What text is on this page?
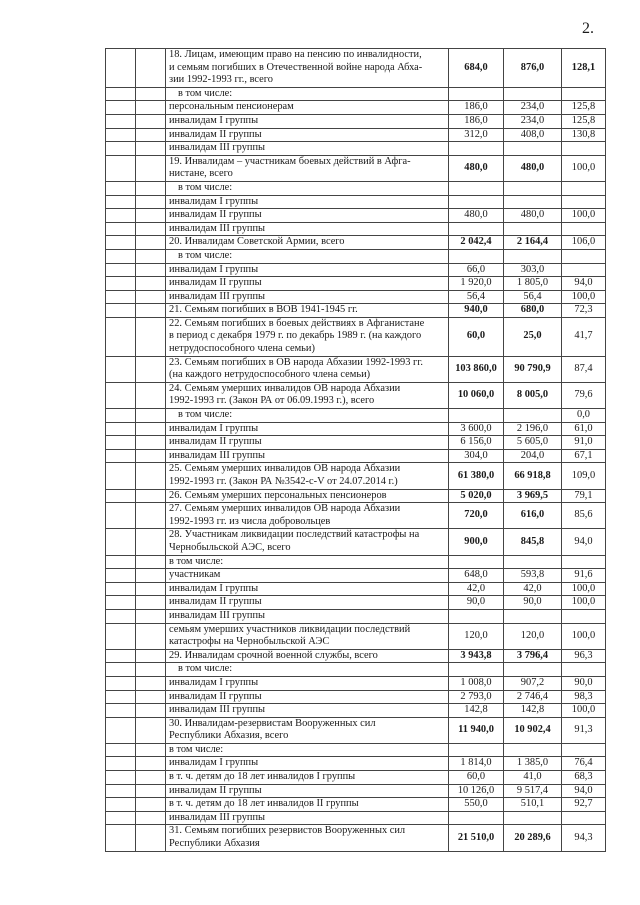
2.
		18. Лицам, имеющим право на пенсию по инвалидности,
и семьям погибших в Отечественной войне народа Абха-
зии 1992-1993 гг., всего	684,0	876,0	128,1
		в том числе:			
		персональным пенсионерам	186,0	234,0	125,8
		инвалидам I группы	186,0	234,0	125,8
		инвалидам II группы	312,0	408,0	130,8
		инвалидам III группы			
		19. Инвалидам – участникам боевых действий в Афга-
нистане, всего	480,0	480,0	100,0
		в том числе:			
		инвалидам I группы			
		инвалидам II группы	480,0	480,0	100,0
		инвалидам III группы			
		20. Инвалидам Советской Армии, всего	2 042,4	2 164,4	106,0
		в том числе:			
		инвалидам I группы	66,0	303,0	
		инвалидам II группы	1 920,0	1 805,0	94,0
		инвалидам III группы	56,4	56,4	100,0
		21. Семьям погибших в ВОВ 1941-1945 гг.	940,0	680,0	72,3
		22. Семьям погибших в боевых действиях в Афганистане
в период с декабря 1979 г. по декабрь 1989 г. (на каждого
нетрудоспособного члена семьи)	60,0	25,0	41,7
		23. Семьям погибших в ОВ народа Абхазии 1992-1993 гг.
(на каждого нетрудоспособного члена семьи)	103 860,0	90 790,9	87,4
		24. Семьям умерших инвалидов ОВ народа Абхазии
1992-1993 гг. (Закон РА от 06.09.1993 г.), всего	10 060,0	8 005,0	79,6
		в том числе:			0,0
		инвалидам I группы	3 600,0	2 196,0	61,0
		инвалидам II группы	6 156,0	5 605,0	91,0
		инвалидам III группы	304,0	204,0	67,1
		25. Семьям умерших инвалидов ОВ народа Абхазии
1992-1993 гг. (Закон РА №3542-с-V от 24.07.2014 г.)	61 380,0	66 918,8	109,0
		26. Семьям умерших персональных пенсионеров	5 020,0	3 969,5	79,1
		27. Семьям умерших инвалидов ОВ народа Абхазии
1992-1993 гг. из числа добровольцев	720,0	616,0	85,6
		28. Участникам ликвидации последствий катастрофы на
Чернобыльской АЭС, всего	900,0	845,8	94,0
		в том числе:			
		участникам	648,0	593,8	91,6
		инвалидам I группы	42,0	42,0	100,0
		инвалидам II группы	90,0	90,0	100,0
		инвалидам III группы			
		семьям умерших участников ликвидации последствий
катастрофы на Чернобыльской АЭС	120,0	120,0	100,0
		29. Инвалидам срочной военной службы, всего	3 943,8	3 796,4	96,3
		в том числе:			
		инвалидам I группы	1 008,0	907,2	90,0
		инвалидам II группы	2 793,0	2 746,4	98,3
		инвалидам III группы	142,8	142,8	100,0
		30. Инвалидам-резервистам Вооруженных сил
Республики Абхазия, всего	11 940,0	10 902,4	91,3
		в том числе:			
		инвалидам I группы	1 814,0	1 385,0	76,4
		в т. ч. детям до 18 лет инвалидов I группы	60,0	41,0	68,3
		инвалидам II группы	10 126,0	9 517,4	94,0
		в т. ч. детям до 18 лет инвалидов II группы	550,0	510,1	92,7
		инвалидам III группы			
		31. Семьям погибших резервистов Вооруженных сил
Республики Абхазия	21 510,0	20 289,6	94,3
